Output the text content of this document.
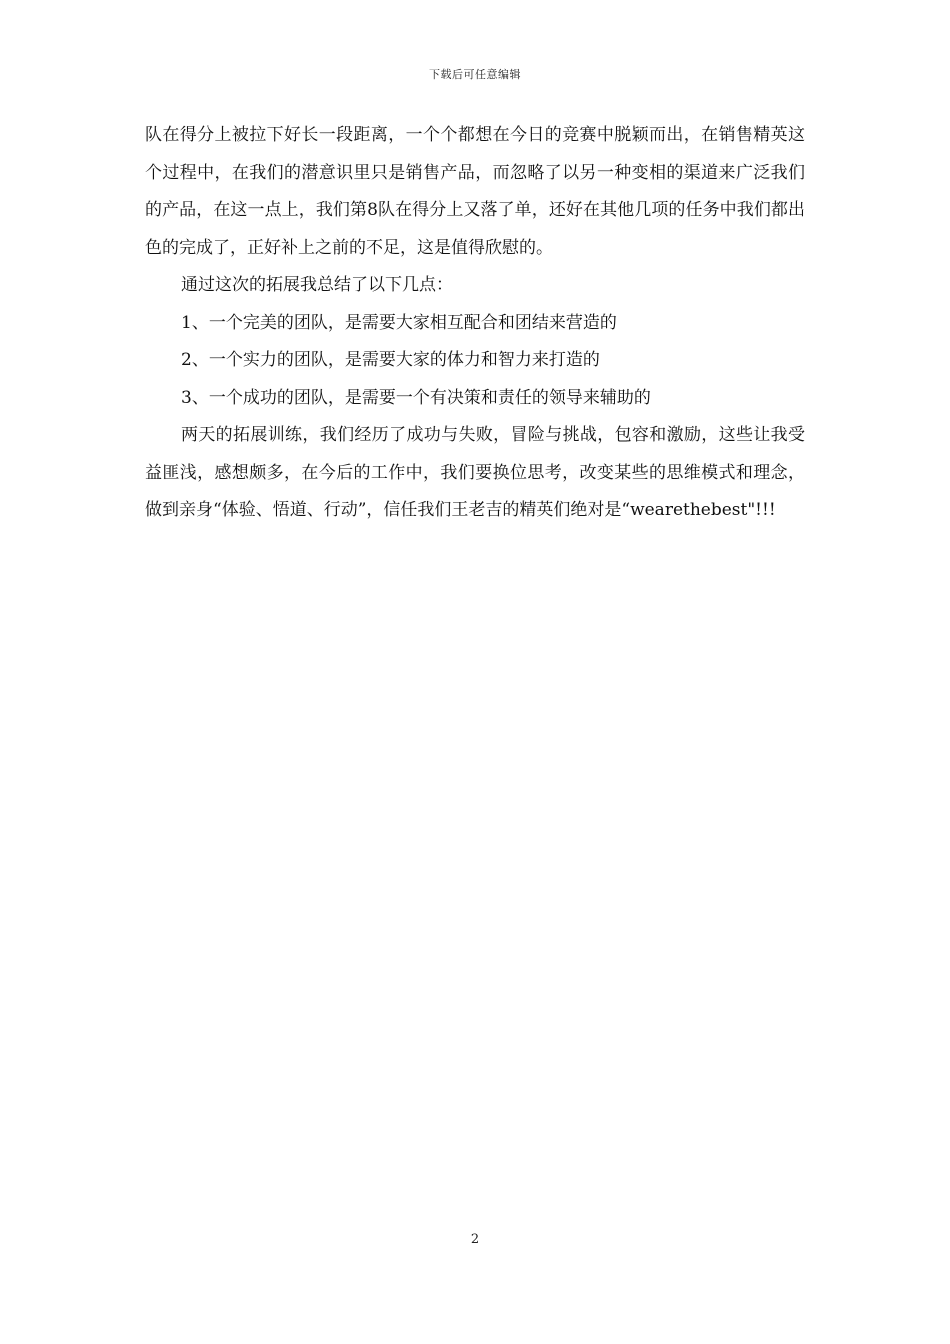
下载后可任意编辑

队在得分上被拉下好长一段距离，一个个都想在今日的竞赛中脱颖而出，在销售精英这个过程中，在我们的潜意识里只是销售产品，而忽略了以另一种变相的渠道来广泛我们的产品，在这一点上，我们第8队在得分上又落了单，还好在其他几项的任务中我们都出色的完成了，正好补上之前的不足，这是值得欣慰的。

通过这次的拓展我总结了以下几点：

1、一个完美的团队，是需要大家相互配合和团结来营造的

2、一个实力的团队，是需要大家的体力和智力来打造的

3、一个成功的团队，是需要一个有决策和责任的领导来辅助的

两天的拓展训练，我们经历了成功与失败，冒险与挑战，包容和激励，这些让我受益匪浅，感想颇多，在今后的工作中，我们要换位思考，改变某些的思维模式和理念，做到亲身“体验、悟道、行动”，信任我们王老吉的精英们绝对是“wearethebest"!!!

2
